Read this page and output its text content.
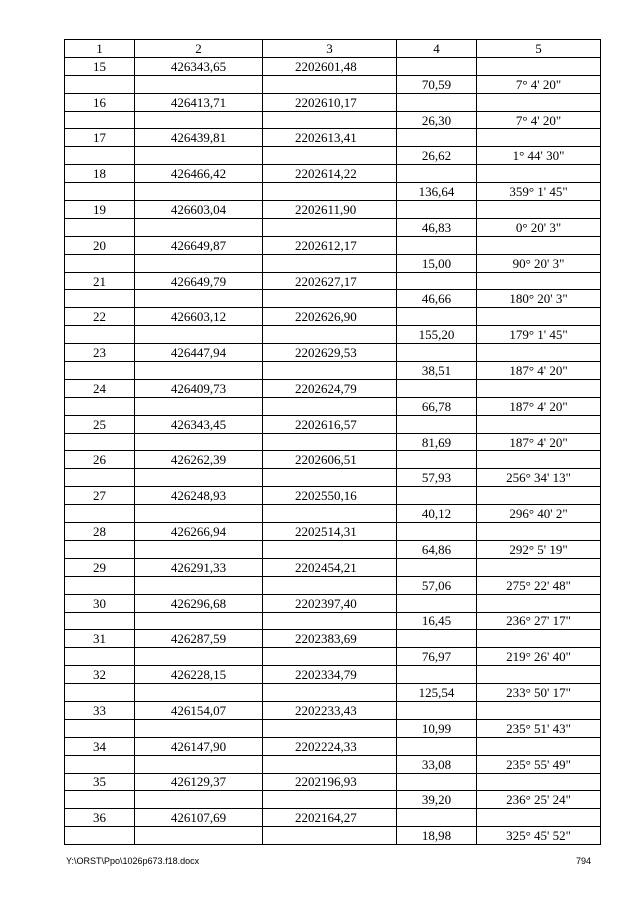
1	2	3	4	5
15	426343,65	2202601,48		
			70,59	7° 4' 20"
16	426413,71	2202610,17		
			26,30	7° 4' 20"
17	426439,81	2202613,41		
			26,62	1° 44' 30"
18	426466,42	2202614,22		
			136,64	359° 1' 45"
19	426603,04	2202611,90		
			46,83	0° 20' 3"
20	426649,87	2202612,17		
			15,00	90° 20' 3"
21	426649,79	2202627,17		
			46,66	180° 20' 3"
22	426603,12	2202626,90		
			155,20	179° 1' 45"
23	426447,94	2202629,53		
			38,51	187° 4' 20"
24	426409,73	2202624,79		
			66,78	187° 4' 20"
25	426343,45	2202616,57		
			81,69	187° 4' 20"
26	426262,39	2202606,51		
			57,93	256° 34' 13"
27	426248,93	2202550,16		
			40,12	296° 40' 2"
28	426266,94	2202514,31		
			64,86	292° 5' 19"
29	426291,33	2202454,21		
			57,06	275° 22' 48"
30	426296,68	2202397,40		
			16,45	236° 27' 17"
31	426287,59	2202383,69		
			76,97	219° 26' 40"
32	426228,15	2202334,79		
			125,54	233° 50' 17"
33	426154,07	2202233,43		
			10,99	235° 51' 43"
34	426147,90	2202224,33		
			33,08	235° 55' 49"
35	426129,37	2202196,93		
			39,20	236° 25' 24"
36	426107,69	2202164,27		
			18,98	325° 45' 52"
Y:\ORST\Ppo\1026p673.f18.docx	794
